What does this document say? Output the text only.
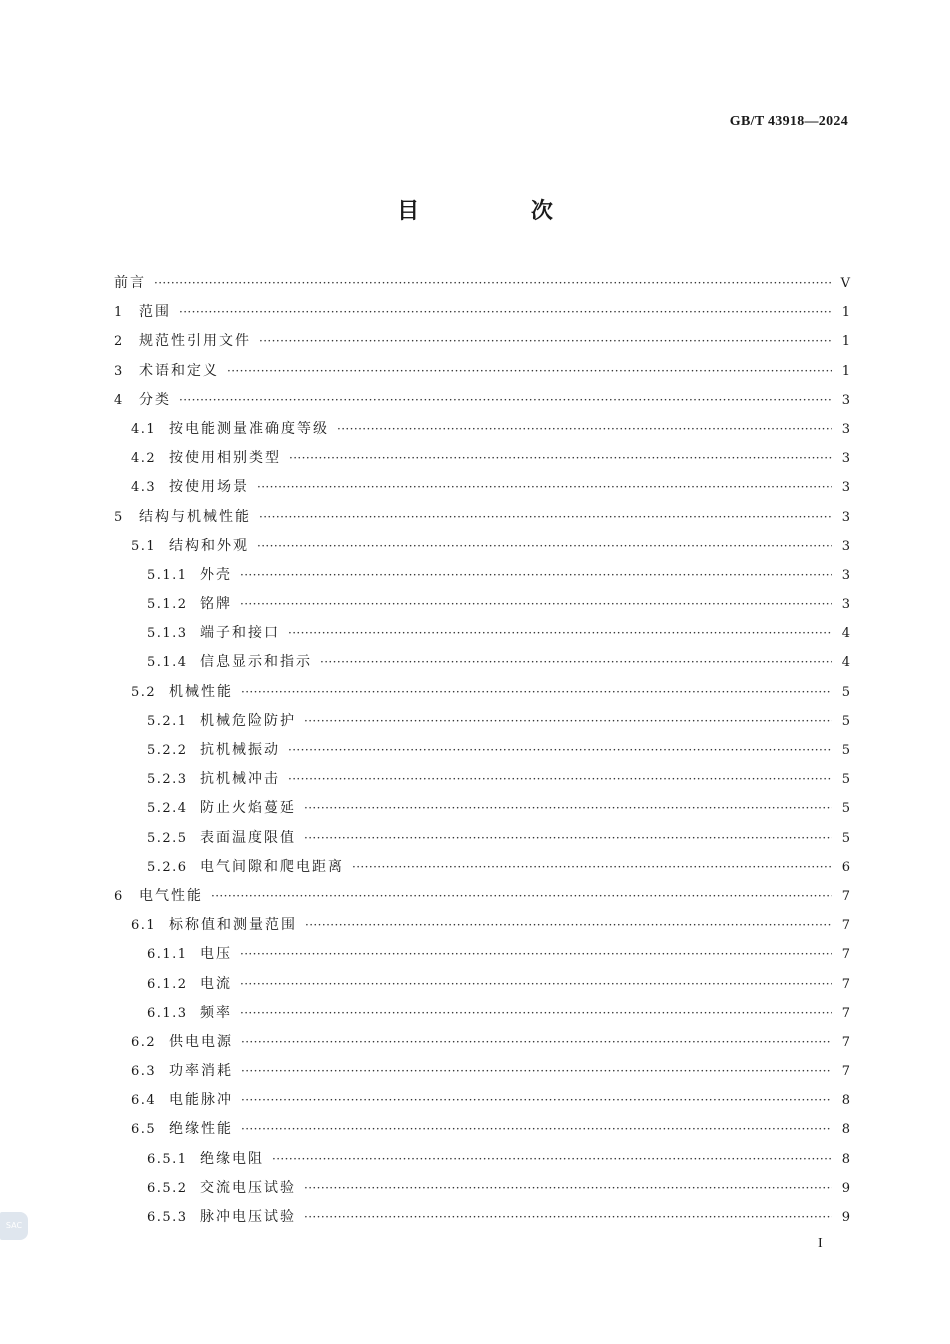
GB/T 43918—2024
目 次
前言 ·····	V
1	范围 ·····	1
2	规范性引用文件 ·····	1
3	术语和定义 ·····	1
4	分类 ·····	3
4.1 按电能测量准确度等级 ·····	3
4.2 按使用相别类型 ·····	3
4.3 按使用场景 ·····	3
5	结构与机械性能 ·····	3
5.1 结构和外观 ·····	3
5.1.1 外壳 ·····	3
5.1.2 铭牌 ·····	3
5.1.3 端子和接口 ·····	4
5.1.4 信息显示和指示 ·····	4
5.2 机械性能 ·····	5
5.2.1 机械危险防护 ·····	5
5.2.2 抗机械振动 ·····	5
5.2.3 抗机械冲击 ·····	5
5.2.4 防止火焰蔓延 ·····	5
5.2.5 表面温度限值 ·····	5
5.2.6 电气间隙和爬电距离 ·····	6
6	电气性能 ·····	7
6.1 标称值和测量范围 ·····	7
6.1.1 电压 ·····	7
6.1.2 电流 ·····	7
6.1.3 频率 ·····	7
6.2 供电电源 ·····	7
6.3 功率消耗 ·····	7
6.4 电能脉冲 ·····	8
6.5 绝缘性能 ·····	8
6.5.1 绝缘电阻 ·····	8
6.5.2 交流电压试验 ·····	9
6.5.3 脉冲电压试验 ·····	9
I
SAC
